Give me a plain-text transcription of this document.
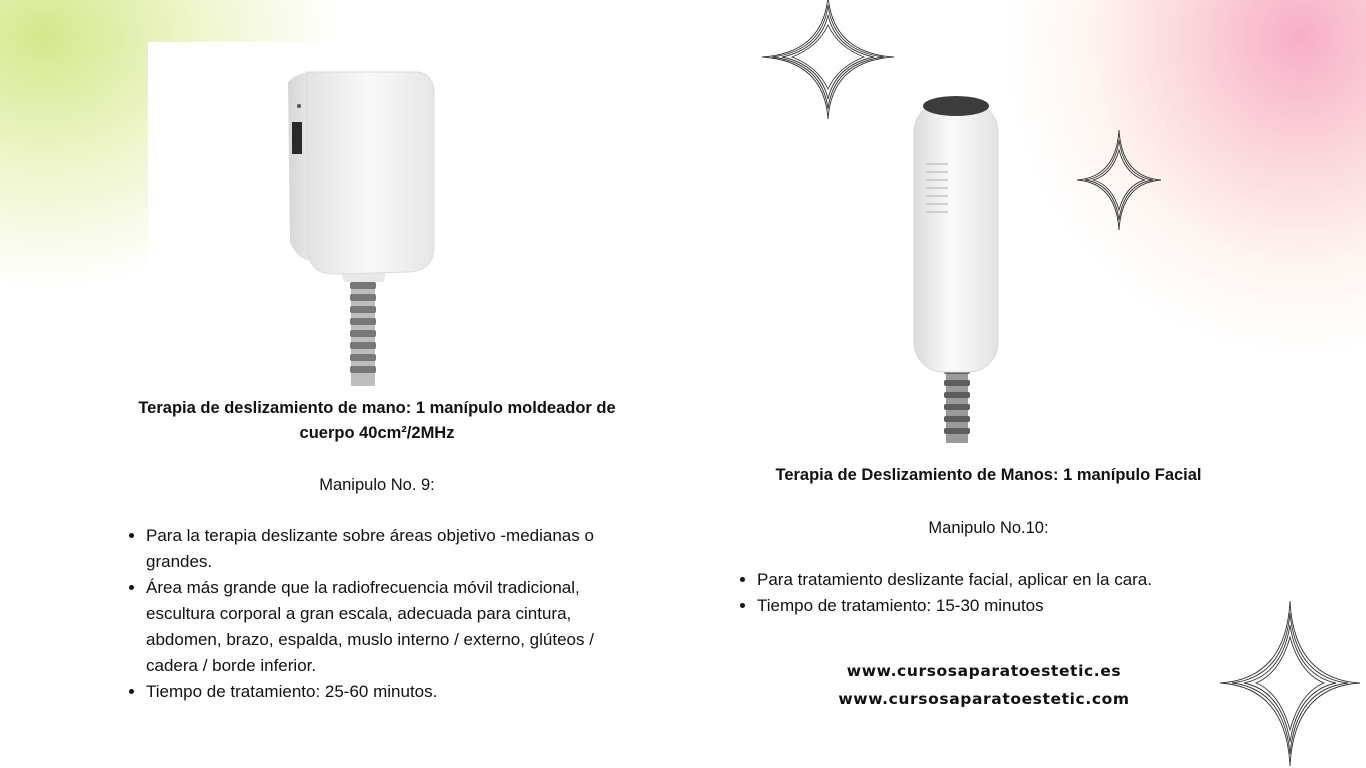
Terapia de deslizamiento de mano: 1 manípulo moldeador de cuerpo 40cm²/2MHz

Manipulo No. 9:

• Para la terapia deslizante sobre áreas objetivo -medianas o grandes.
• Área más grande que la radiofrecuencia móvil tradicional, escultura corporal a gran escala, adecuada para cintura, abdomen, brazo, espalda, muslo interno / externo, glúteos / cadera / borde inferior.
• Tiempo de tratamiento: 25-60 minutos.

Terapia de Deslizamiento de Manos: 1 manípulo Facial

Manipulo No.10:

• Para tratamiento deslizante facial, aplicar en la cara.
• Tiempo de tratamiento: 15-30 minutos
www.cursosaparatoestetic.es
www.cursosaparatoestetic.com
